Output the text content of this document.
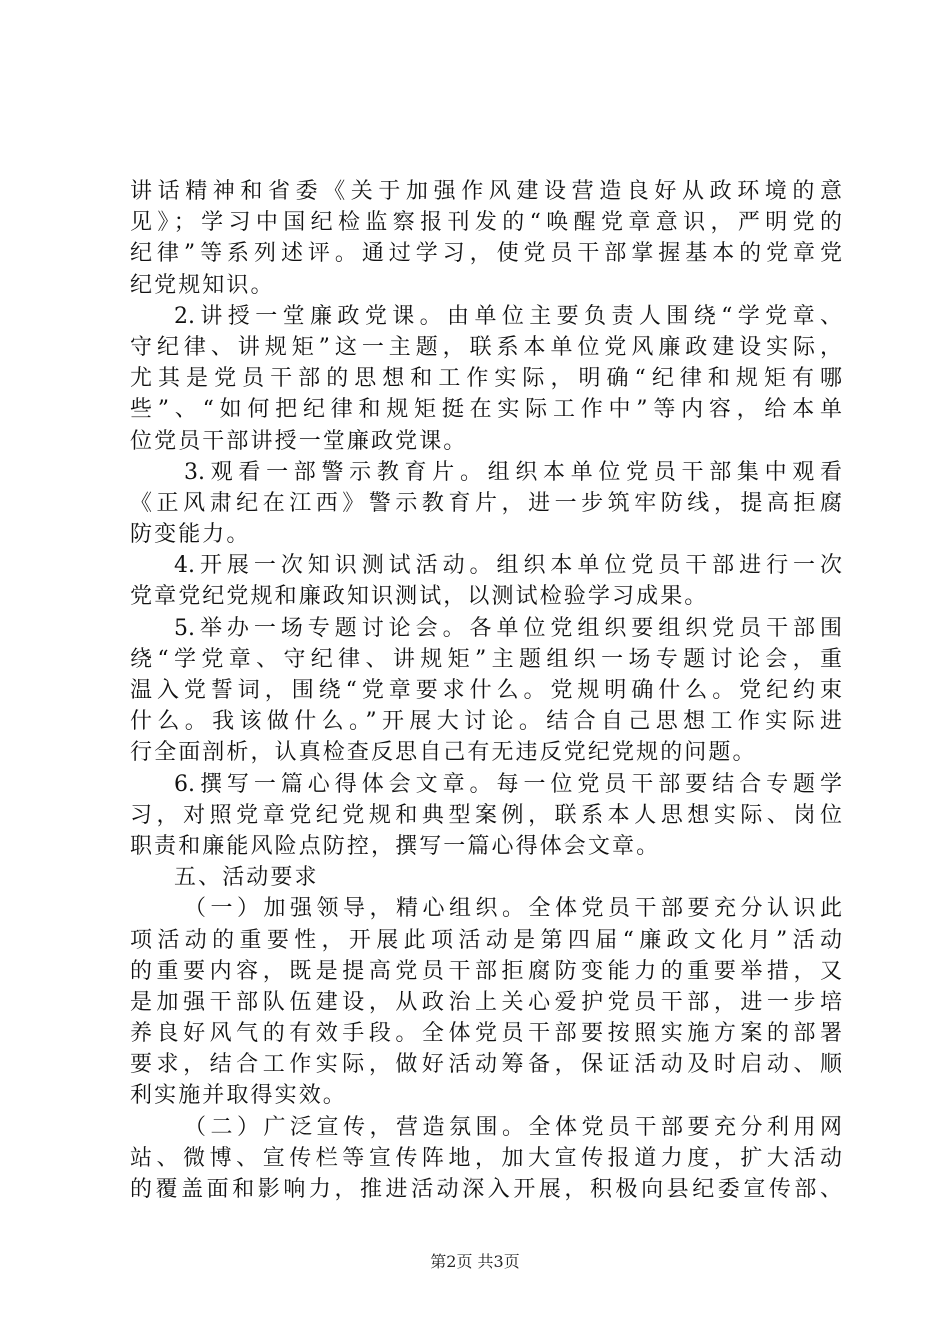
讲话精神和省委《关于加强作风建设营造良好从政环境的意
见》；学习中国纪检监察报刊发的“唤醒党章意识，严明党的
纪律”等系列述评。通过学习，使党员干部掌握基本的党章党
纪党规知识。
2.讲授一堂廉政党课。由单位主要负责人围绕“学党章、
守纪律、讲规矩”这一主题，联系本单位党风廉政建设实际，
尤其是党员干部的思想和工作实际，明确“纪律和规矩有哪
些”、“如何把纪律和规矩挺在实际工作中”等内容，给本单
位党员干部讲授一堂廉政党课。
3.观看一部警示教育片。组织本单位党员干部集中观看
《正风肃纪在江西》警示教育片，进一步筑牢防线，提高拒腐
防变能力。
4.开展一次知识测试活动。组织本单位党员干部进行一次
党章党纪党规和廉政知识测试，以测试检验学习成果。
5.举办一场专题讨论会。各单位党组织要组织党员干部围
绕“学党章、守纪律、讲规矩”主题组织一场专题讨论会，重
温入党誓词，围绕“党章要求什么。党规明确什么。党纪约束
什么。我该做什么。”开展大讨论。结合自己思想工作实际进
行全面剖析，认真检查反思自己有无违反党纪党规的问题。
6.撰写一篇心得体会文章。每一位党员干部要结合专题学
习，对照党章党纪党规和典型案例，联系本人思想实际、岗位
职责和廉能风险点防控，撰写一篇心得体会文章。
五、活动要求
（一）加强领导，精心组织。全体党员干部要充分认识此
项活动的重要性，开展此项活动是第四届“廉政文化月”活动
的重要内容，既是提高党员干部拒腐防变能力的重要举措，又
是加强干部队伍建设，从政治上关心爱护党员干部，进一步培
养良好风气的有效手段。全体党员干部要按照实施方案的部署
要求，结合工作实际，做好活动筹备，保证活动及时启动、顺
利实施并取得实效。
（二）广泛宣传，营造氛围。全体党员干部要充分利用网
站、微博、宣传栏等宣传阵地，加大宣传报道力度，扩大活动
的覆盖面和影响力，推进活动深入开展，积极向县纪委宣传部、
第2页 共3页
